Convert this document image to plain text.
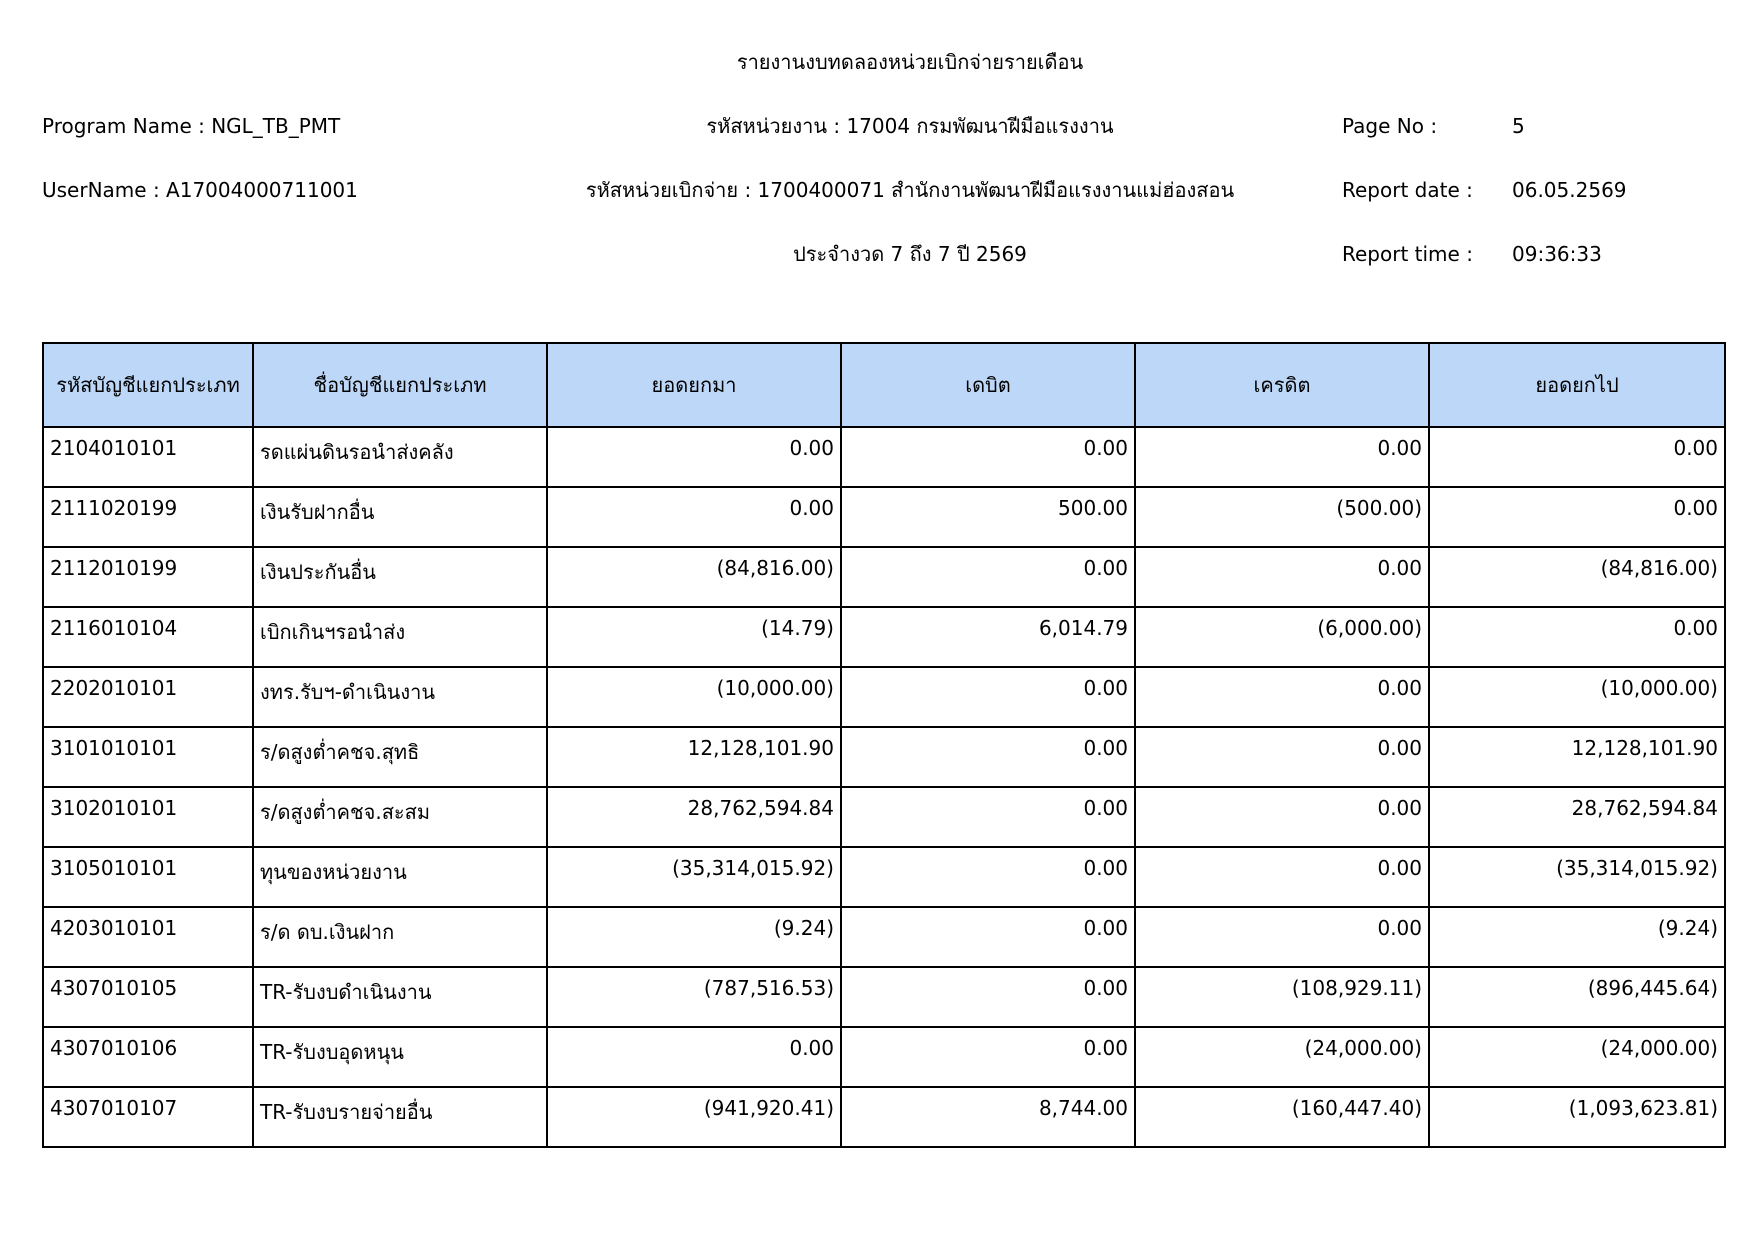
รายงานงบทดลองหน่วยเบิกจ่ายรายเดือน
Program Name : NGL_TB_PMT
UserName : A17004000711001
รหัสหน่วยงาน : 17004 กรมพัฒนาฝีมือแรงงาน
รหัสหน่วยเบิกจ่าย : 1700400071 สำนักงานพัฒนาฝีมือแรงงานแม่ฮ่องสอน
ประจำงวด 7 ถึง 7 ปี 2569
Page No :	5
Report date : 06.05.2569
Report time : 09:36:33
รหัสบัญชีแยกประเภท	ชื่อบัญชีแยกประเภท	ยอดยกมา	เดบิต	เครดิต	ยอดยกไป
2104010101	รดแผ่นดินรอนำส่งคลัง	0.00	0.00	0.00	0.00
2111020199	เงินรับฝากอื่น	0.00	500.00	(500.00)	0.00
2112010199	เงินประกันอื่น	(84,816.00)	0.00	0.00	(84,816.00)
2116010104	เบิกเกินฯรอนำส่ง	(14.79)	6,014.79	(6,000.00)	0.00
2202010101	งทร.รับฯ-ดำเนินงาน	(10,000.00)	0.00	0.00	(10,000.00)
3101010101	ร/ดสูงต่ำคชจ.สุทธิ	12,128,101.90	0.00	0.00	12,128,101.90
3102010101	ร/ดสูงต่ำคชจ.สะสม	28,762,594.84	0.00	0.00	28,762,594.84
3105010101	ทุนของหน่วยงาน	(35,314,015.92)	0.00	0.00	(35,314,015.92)
4203010101	ร/ด ดบ.เงินฝาก	(9.24)	0.00	0.00	(9.24)
4307010105	TR-รับงบดำเนินงาน	(787,516.53)	0.00	(108,929.11)	(896,445.64)
4307010106	TR-รับงบอุดหนุน	0.00	0.00	(24,000.00)	(24,000.00)
4307010107	TR-รับงบรายจ่ายอื่น	(941,920.41)	8,744.00	(160,447.40)	(1,093,623.81)
